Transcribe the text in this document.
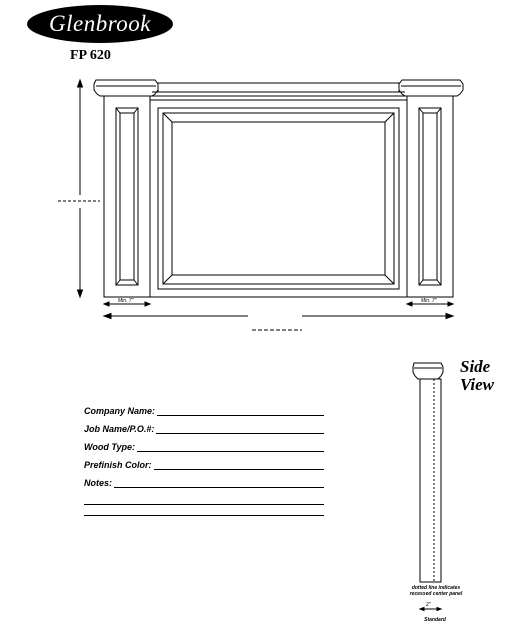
Glenbrook
FP 620
Min. 7"	Min. 7"
2"
Side
View
dotted line indicates
recessed center panel
Standard
Company Name:
Job Name/P.O.#:
Wood Type:
Prefinish Color:
Notes:
